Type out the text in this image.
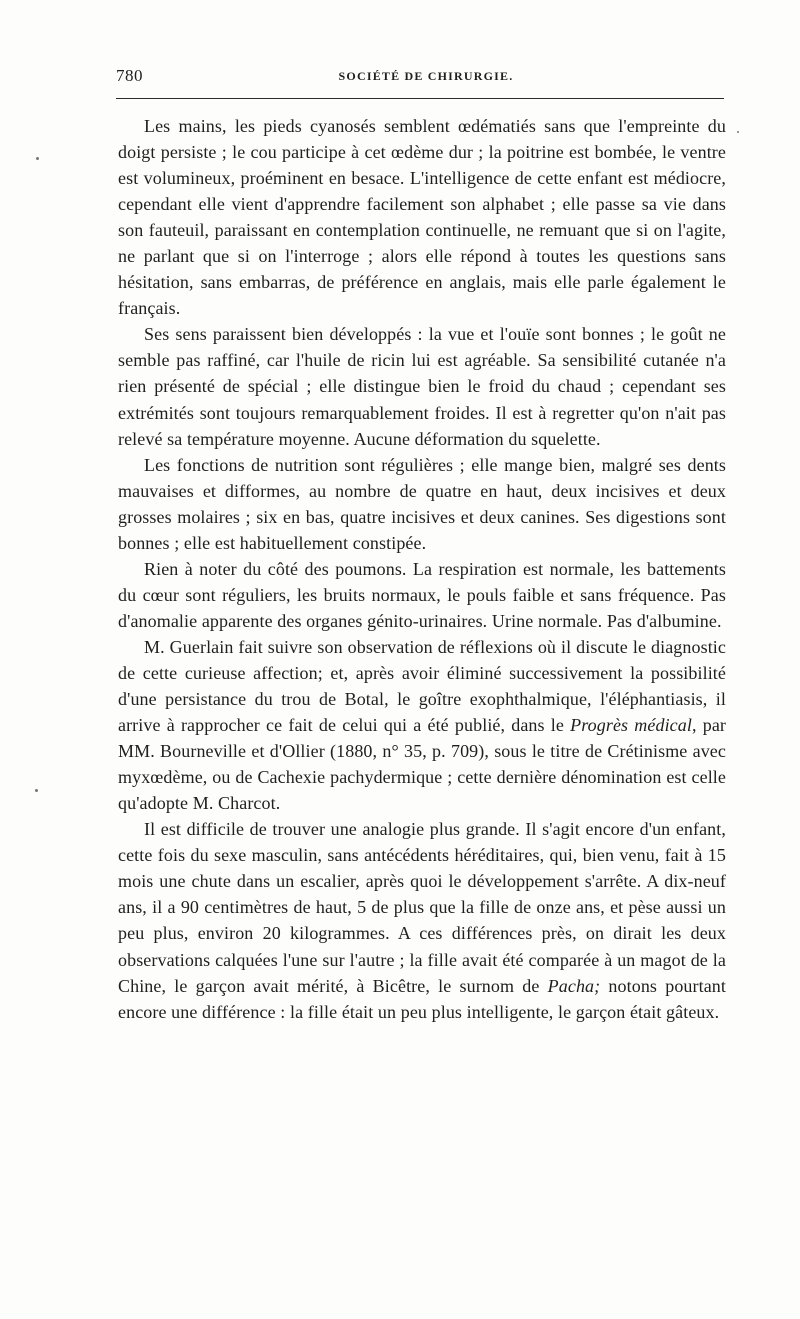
780	SOCIÉTÉ DE CHIRURGIE.

Les mains, les pieds cyanosés semblent œdématiés sans que l'empreinte du doigt persiste ; le cou participe à cet œdème dur ; la poitrine est bombée, le ventre est volumineux, proéminent en besace. L'intelligence de cette enfant est médiocre, cependant elle vient d'apprendre facilement son alphabet ; elle passe sa vie dans son fauteuil, paraissant en contemplation continuelle, ne remuant que si on l'agite, ne parlant que si on l'interroge ; alors elle répond à toutes les questions sans hésitation, sans embarras, de préférence en anglais, mais elle parle également le français.

Ses sens paraissent bien développés : la vue et l'ouïe sont bonnes ; le goût ne semble pas raffiné, car l'huile de ricin lui est agréable. Sa sensibilité cutanée n'a rien présenté de spécial ; elle distingue bien le froid du chaud ; cependant ses extrémités sont toujours remarquablement froides. Il est à regretter qu'on n'ait pas relevé sa température moyenne. Aucune déformation du squelette.

Les fonctions de nutrition sont régulières ; elle mange bien, malgré ses dents mauvaises et difformes, au nombre de quatre en haut, deux incisives et deux grosses molaires ; six en bas, quatre incisives et deux canines. Ses digestions sont bonnes ; elle est habituellement constipée.

Rien à noter du côté des poumons. La respiration est normale, les battements du cœur sont réguliers, les bruits normaux, le pouls faible et sans fréquence. Pas d'anomalie apparente des organes génito-urinaires. Urine normale. Pas d'albumine.

M. Guerlain fait suivre son observation de réflexions où il discute le diagnostic de cette curieuse affection; et, après avoir éliminé successivement la possibilité d'une persistance du trou de Botal, le goître exophthalmique, l'éléphantiasis, il arrive à rapprocher ce fait de celui qui a été publié, dans le Progrès médical, par MM. Bourneville et d'Ollier (1880, n° 35, p. 709), sous le titre de Crétinisme avec myxœdème, ou de Cachexie pachydermique ; cette dernière dénomination est celle qu'adopte M. Charcot.

Il est difficile de trouver une analogie plus grande. Il s'agit encore d'un enfant, cette fois du sexe masculin, sans antécédents héréditaires, qui, bien venu, fait à 15 mois une chute dans un escalier, après quoi le développement s'arrête. A dix-neuf ans, il a 90 centimètres de haut, 5 de plus que la fille de onze ans, et pèse aussi un peu plus, environ 20 kilogrammes. A ces différences près, on dirait les deux observations calquées l'une sur l'autre ; la fille avait été comparée à un magot de la Chine, le garçon avait mérité, à Bicêtre, le surnom de Pacha; notons pourtant encore une différence : la fille était un peu plus intelligente, le garçon était gâteux.
